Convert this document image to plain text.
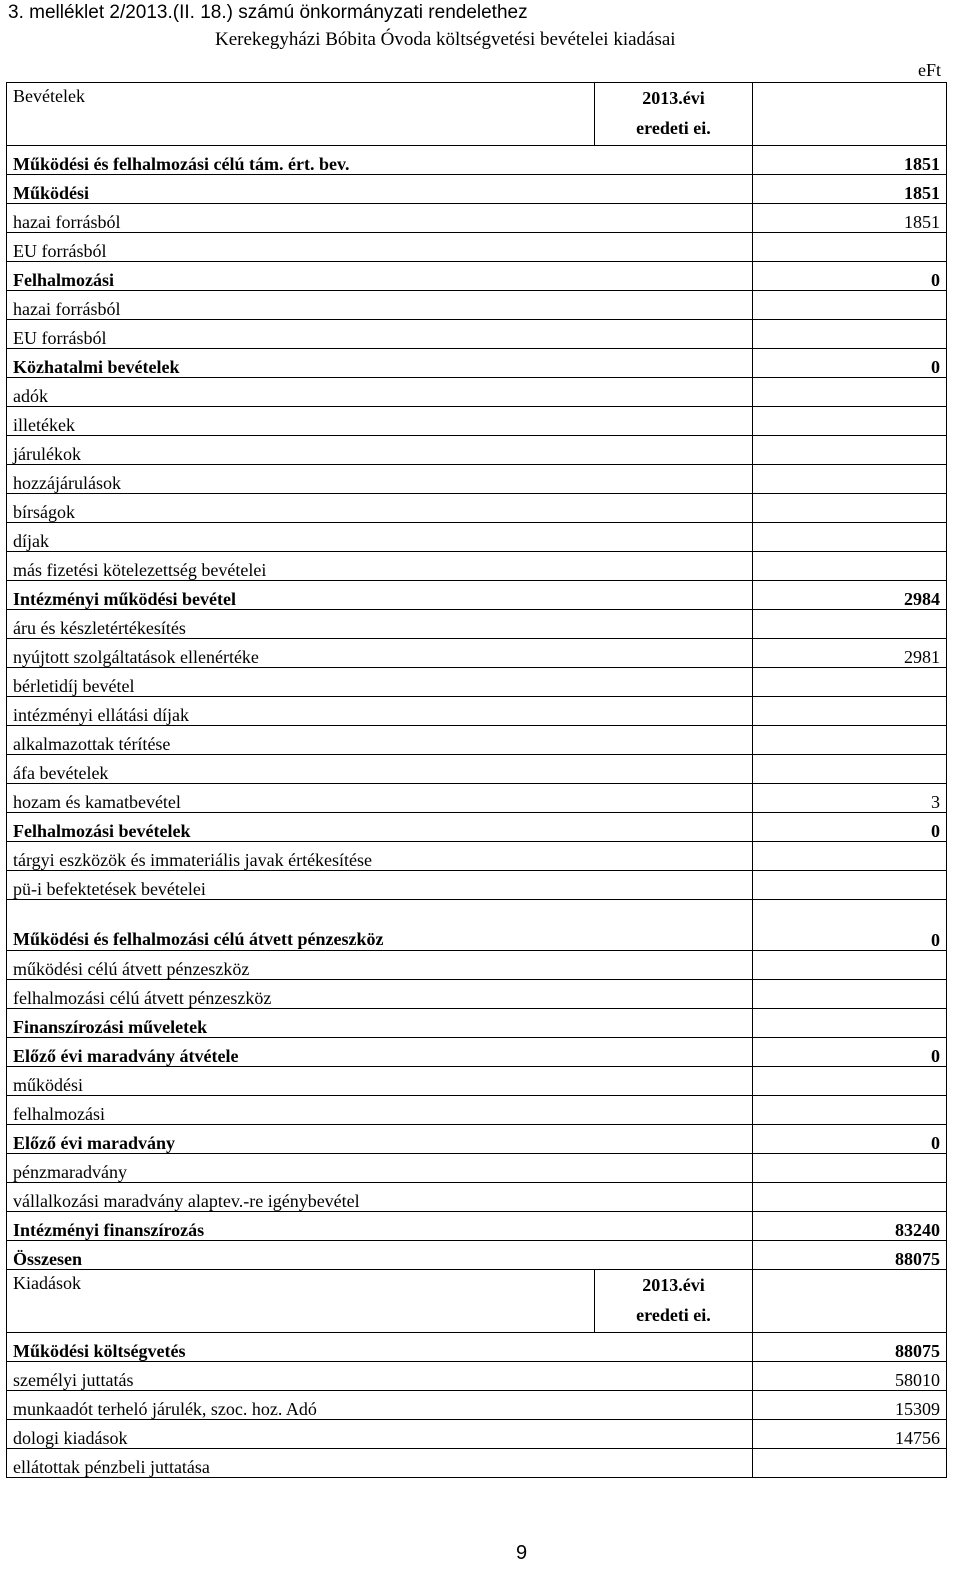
3. melléklet 2/2013.(II. 18.) számú önkormányzati rendelethez
Kerekegyházi Bóbita Óvoda költségvetési bevételei kiadásai
eFt
Bevételek	2013.évi
eredeti ei.	

Működési és felhalmozási célú tám. ért. bev.		1851
Működési		1851
hazai forrásból		1851
EU forrásból		
Felhalmozási		0
hazai forrásból		
EU forrásból		
Közhatalmi bevételek		0
adók		
illetékek		
járulékok		
hozzájárulások		
bírságok		
díjak		
más fizetési kötelezettség bevételei		
Intézményi működési bevétel		2984
áru és készletértékesítés		
nyújtott szolgáltatások ellenértéke		2981
bérletidíj bevétel		
intézményi ellátási díjak		
alkalmazottak térítése		
áfa bevételek		
hozam és kamatbevétel		3
Felhalmozási bevételek		0
tárgyi eszközök és immateriális javak értékesítése		
pü-i befektetések bevételei		
Működési és felhalmozási célú átvett pénzeszköz		0
működési célú átvett pénzeszköz		
felhalmozási célú átvett pénzeszköz		
Finanszírozási műveletek		
Előző évi maradvány átvétele		0
működési		
felhalmozási		
Előző évi maradvány		0
pénzmaradvány		
vállalkozási maradvány alaptev.-re igénybevétel		
Intézményi finanszírozás		83240
Összesen		88075
Kiadások	2013.évi
eredeti ei.	

Működési költségvetés		88075
személyi juttatás		58010
munkaadót terheló járulék, szoc. hoz. Adó		15309
dologi kiadások		14756
ellátottak pénzbeli juttatása		
9
